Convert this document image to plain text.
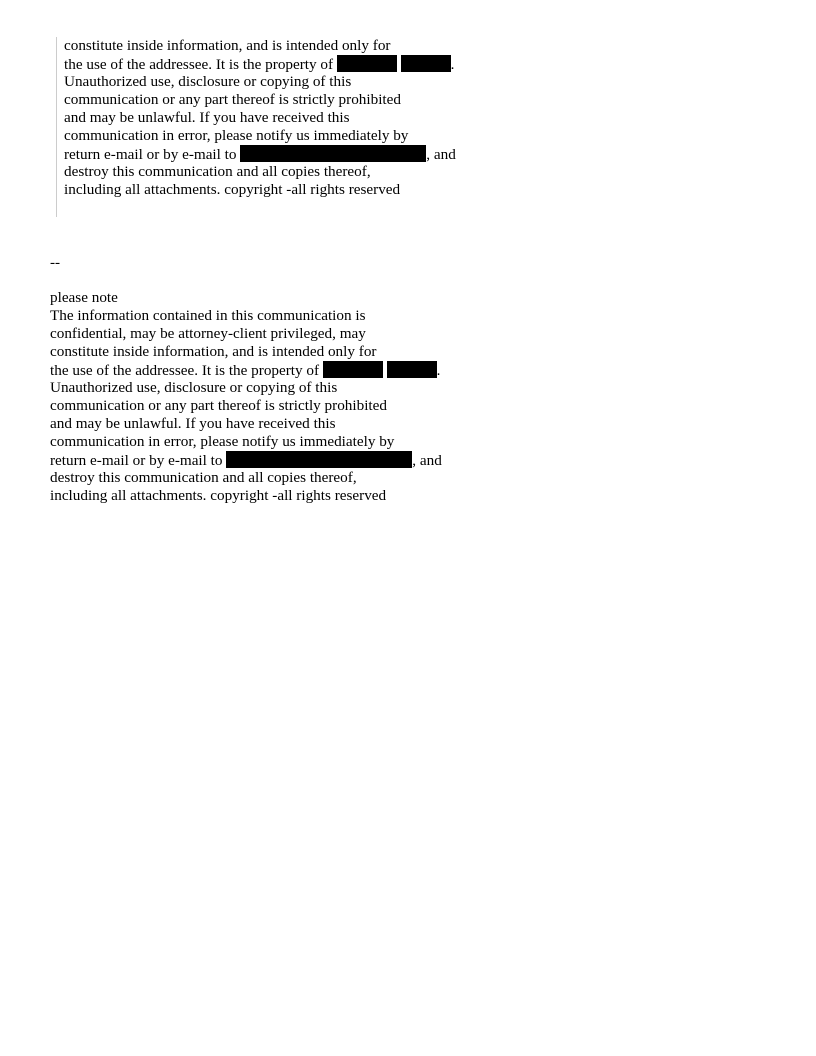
constitute inside information, and is intended only for
the use of the addressee. It is the property of	.
Unauthorized use, disclosure or copying of this
communication or any part thereof is strictly prohibited
and may be unlawful. If you have received this
communication in error, please notify us immediately by
return e-mail or by e-mail to	, and
destroy this communication and all copies thereof,
including all attachments. copyright -all rights reserved
--
please note
The information contained in this communication is
confidential, may be attorney-client privileged, may
constitute inside information, and is intended only for
the use of the addressee. It is the property of	.
Unauthorized use, disclosure or copying of this
communication or any part thereof is strictly prohibited
and may be unlawful. If you have received this
communication in error, please notify us immediately by
return e-mail or by e-mail to	, and
destroy this communication and all copies thereof,
including all attachments. copyright -all rights reserved
